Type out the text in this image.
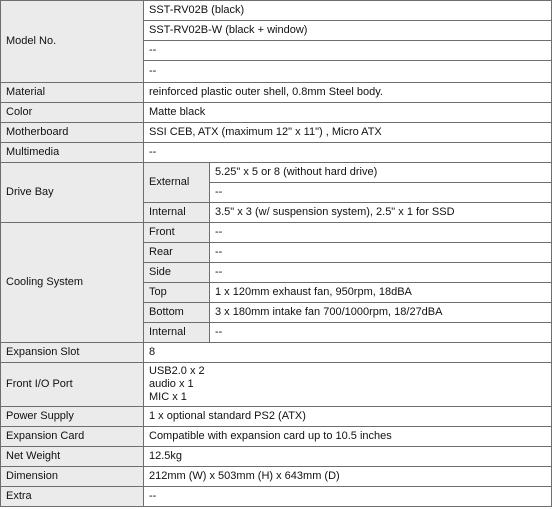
Model No.	SST-RV02B (black)	
	SST-RV02B-W (black + window)	
	--	
	--	
Material	reinforced plastic outer shell, 0.8mm Steel body.	
Color	Matte black	
Motherboard	SSI CEB, ATX (maximum 12" x 11") , Micro ATX	
Multimedia	--	
Drive Bay	External	5.25" x 5 or 8 (without hard drive)
		--
	Internal	3.5" x 3 (w/ suspension system), 2.5" x 1 for SSD
Cooling System	Front	--
	Rear	--
	Side	--
	Top	1 x 120mm exhaust fan, 950rpm, 18dBA
	Bottom	3 x 180mm intake fan 700/1000rpm, 18/27dBA
	Internal	--
Expansion Slot	8	
Front I/O Port	USB2.0 x 2
audio x 1
MIC x 1	

Power Supply	1 x optional standard PS2 (ATX)	
Expansion Card	Compatible with expansion card up to 10.5 inches	
Net Weight	12.5kg	
Dimension	212mm (W) x 503mm (H) x 643mm (D)	
Extra	--	
